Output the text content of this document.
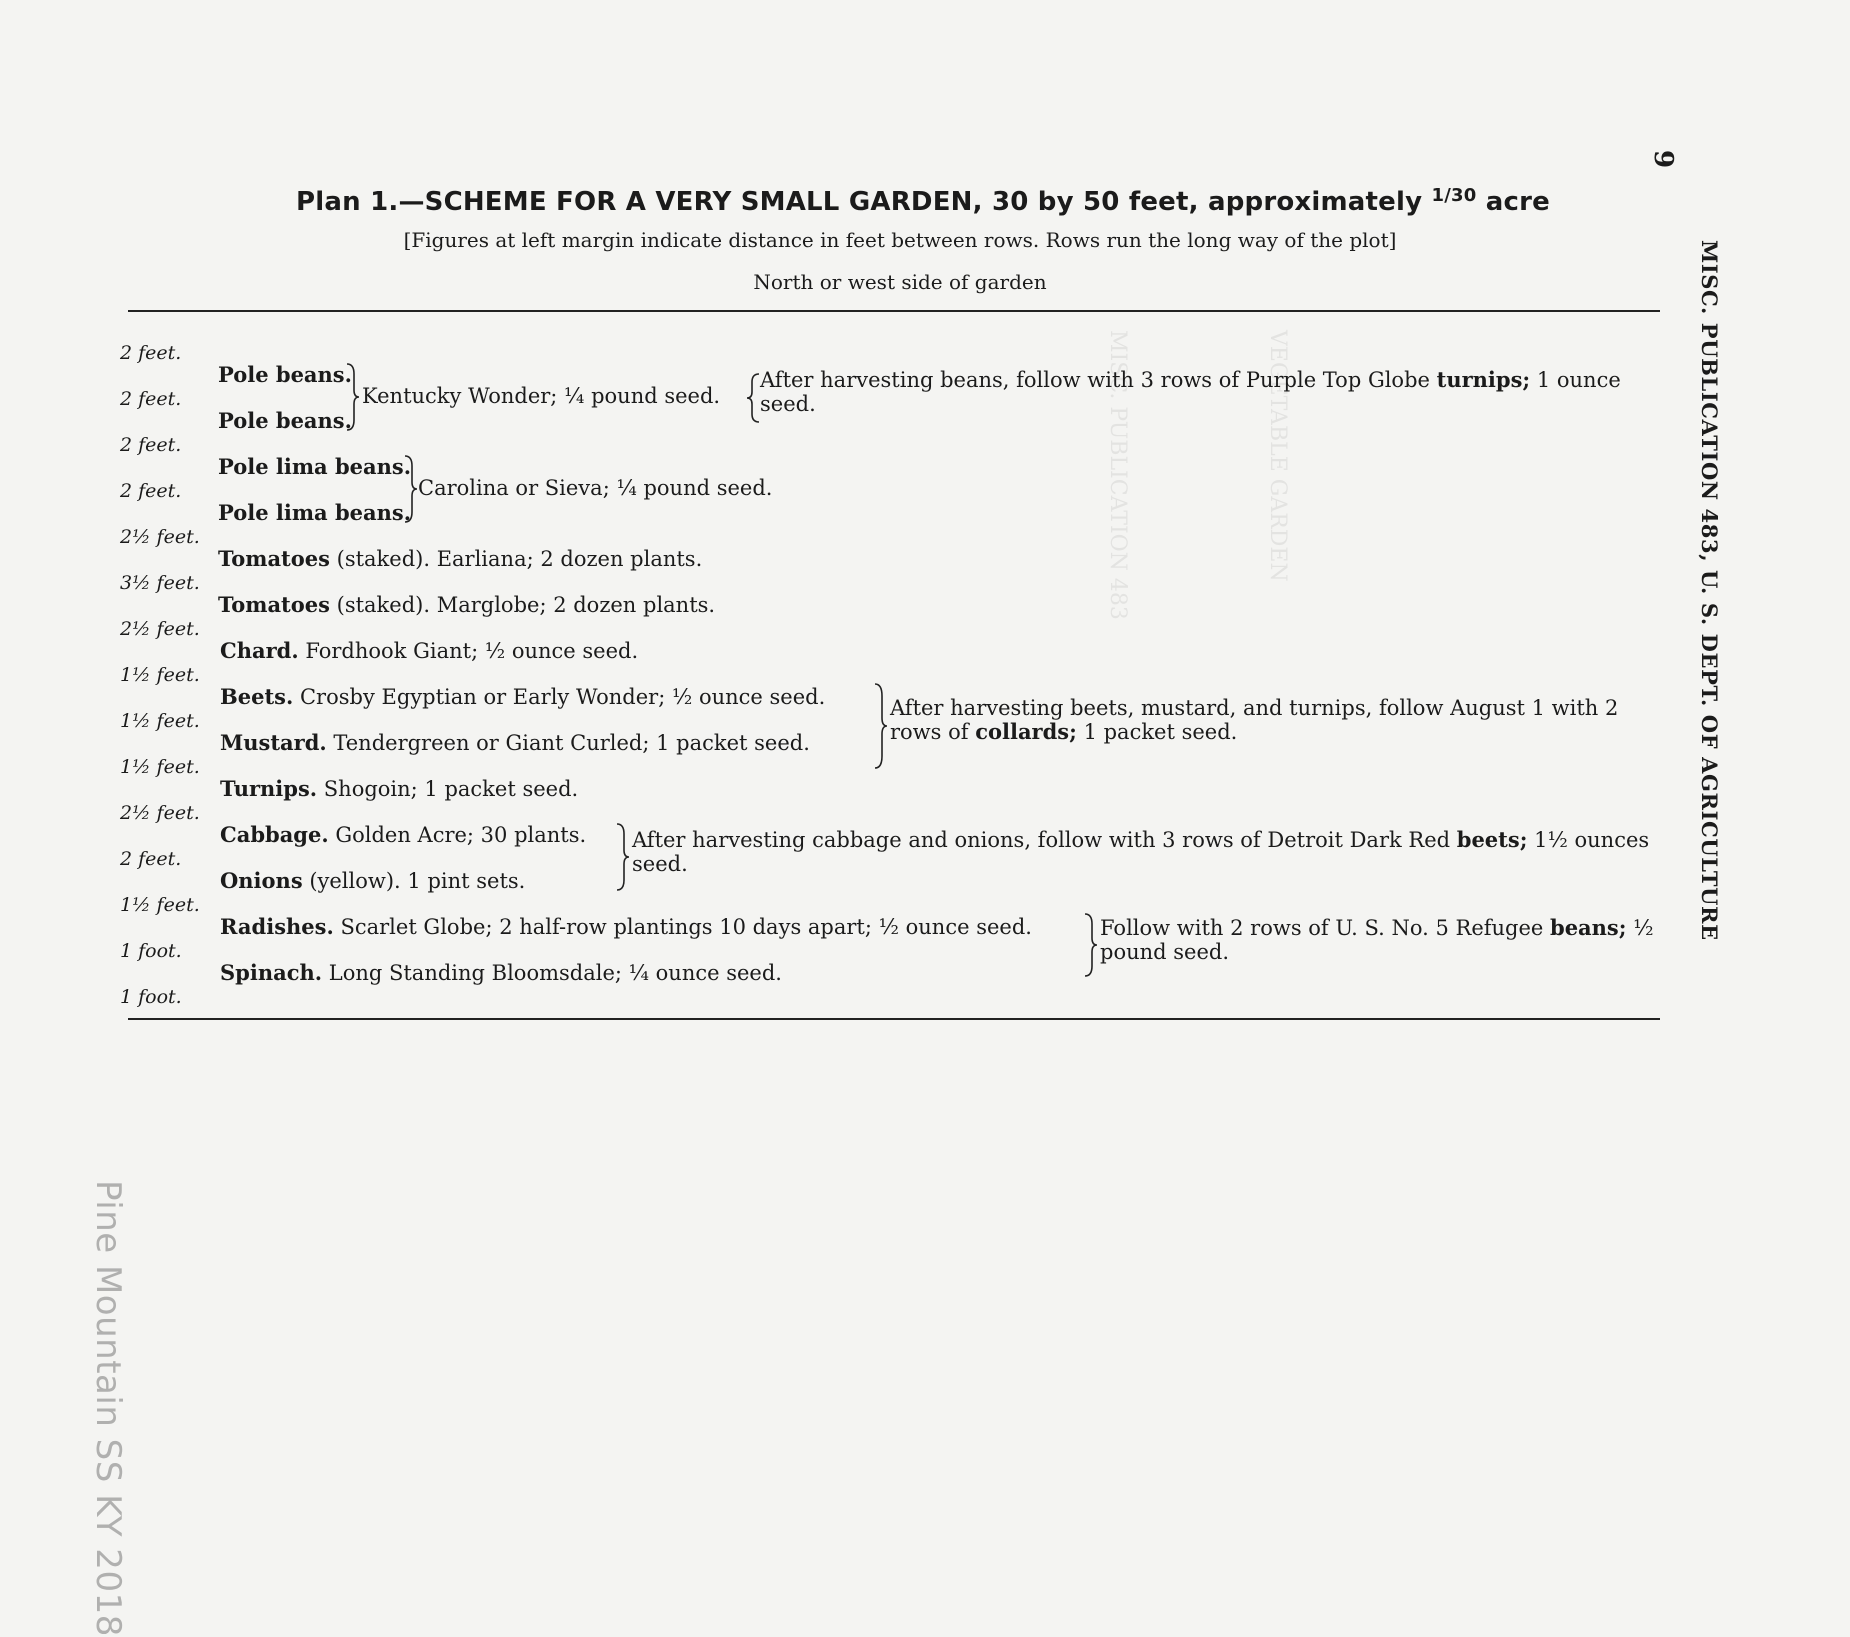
MISC. PUBLICATION 483	VEGETABLE GARDEN
9
MISC. PUBLICATION 483, U. S. DEPT. OF AGRICULTURE
Plan 1.—SCHEME FOR A VERY SMALL GARDEN, 30 by 50 feet, approximately $^{1/30}$ acre
[Figures at left margin indicate distance in feet between rows. Rows run the long way of the plot]
North or west side of garden
2 feet.
2 feet.
2 feet.
2 feet.
2½ feet.
3½ feet.
2½ feet.
1½ feet.
1½ feet.
1½ feet.
2½ feet.
2 feet.
1½ feet.
1 foot.
1 foot.
Pole beans.
Pole beans.
Kentucky Wonder; ¼ pound seed.
After harvesting beans, follow with 3 rows of Purple Top Globe turnips; 1 ounce seed.
Pole lima beans.
Pole lima beans.
Carolina or Sieva; ¼ pound seed.
Tomatoes (staked). Earliana; 2 dozen plants.
Tomatoes (staked). Marglobe; 2 dozen plants.
Chard. Fordhook Giant; ½ ounce seed.
Beets. Crosby Egyptian or Early Wonder; ½ ounce seed.
Mustard. Tendergreen or Giant Curled; 1 packet seed.
Turnips. Shogoin; 1 packet seed.
After harvesting beets, mustard, and turnips, follow August 1 with 2 rows of collards; 1 packet seed.
Cabbage. Golden Acre; 30 plants.
Onions (yellow). 1 pint sets.
After harvesting cabbage and onions, follow with 3 rows of Detroit Dark Red beets; 1½ ounces seed.
Radishes. Scarlet Globe; 2 half-row plantings 10 days apart; ½ ounce seed.
Spinach. Long Standing Bloomsdale; ¼ ounce seed.
Follow with 2 rows of U. S. No. 5 Refugee beans; ½ pound seed.
Pine Mountain SS KY 2018
